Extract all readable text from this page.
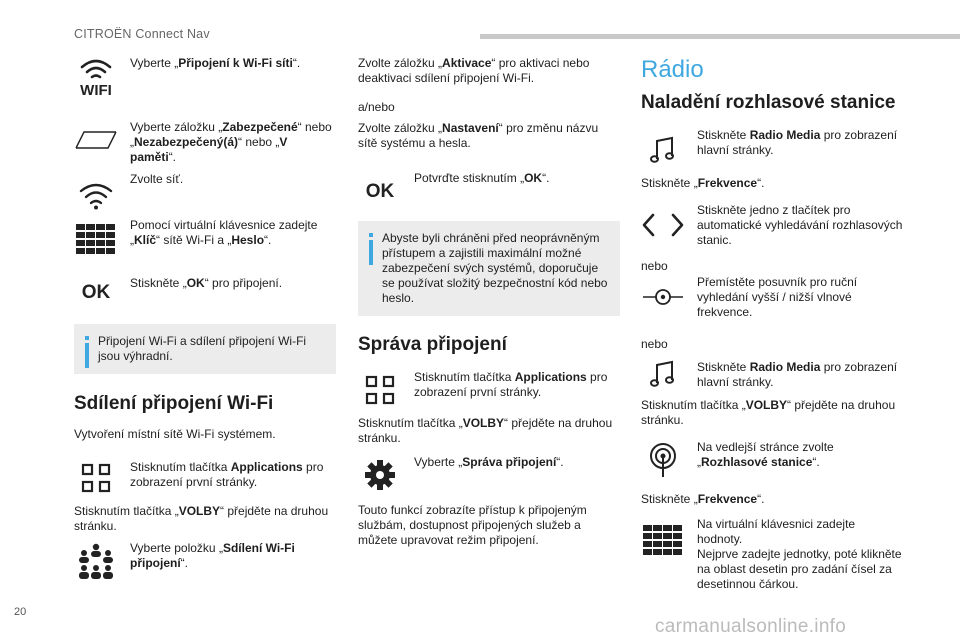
CITROËN Connect Nav
WIFI
Vyberte „Připojení k Wi-Fi síti“.
Vyberte záložku „Zabezpečené“ nebo „Nezabezpečený(á)“ nebo „V paměti“.
Zvolte síť.
Pomocí virtuální klávesnice zadejte „Klíč“ sítě Wi-Fi a „Heslo“.
OK Stiskněte „OK“ pro připojení.
Připojení Wi-Fi a sdílení připojení Wi-Fi jsou výhradní.
Sdílení připojení Wi-Fi

Vytvoření místní sítě Wi-Fi systémem.

Stisknutím tlačítka Applications pro zobrazení první stránky.

Stisknutím tlačítka „VOLBY“ přejděte na druhou stránku.

Vyberte položku „Sdílení Wi-Fi připojení“.

Zvolte záložku „Aktivace“ pro aktivaci nebo deaktivaci sdílení připojení Wi-Fi.

a/nebo

Zvolte záložku „Nastavení“ pro změnu názvu sítě systému a hesla.

OK
Potvrďte stisknutím „OK“.
Abyste byli chráněni před neoprávněným přístupem a zajistili maximální možné zabezpečení svých systémů, doporučuje se používat složitý bezpečnostní kód nebo heslo.
Správa připojení
Stisknutím tlačítka Applications pro zobrazení první stránky.

Stisknutím tlačítka „VOLBY“ přejděte na druhou stránku.

Vyberte „Správa připojení“.

Touto funkcí zobrazíte přístup k připojeným službám, dostupnost připojených služeb a můžete upravovat režim připojení.

Rádio
Naladění rozhlasové stanice
Stiskněte Radio Media pro zobrazení hlavní stránky.

Stiskněte „Frekvence“.

Stiskněte jedno z tlačítek pro automatické vyhledávání rozhlasových stanic.

nebo

Přemístěte posuvník pro ruční vyhledání vyšší / nižší vlnové frekvence.

nebo

Stiskněte Radio Media pro zobrazení hlavní stránky.

Stisknutím tlačítka „VOLBY“ přejděte na druhou stránku.

Na vedlejší stránce zvolte „Rozhlasové stanice“.

Stiskněte „Frekvence“.

Na virtuální klávesnici zadejte hodnoty.
Nejprve zadejte jednotky, poté klikněte na oblast desetin pro zadání čísel za desetinnou čárkou.
20
carmanualsonline.info
